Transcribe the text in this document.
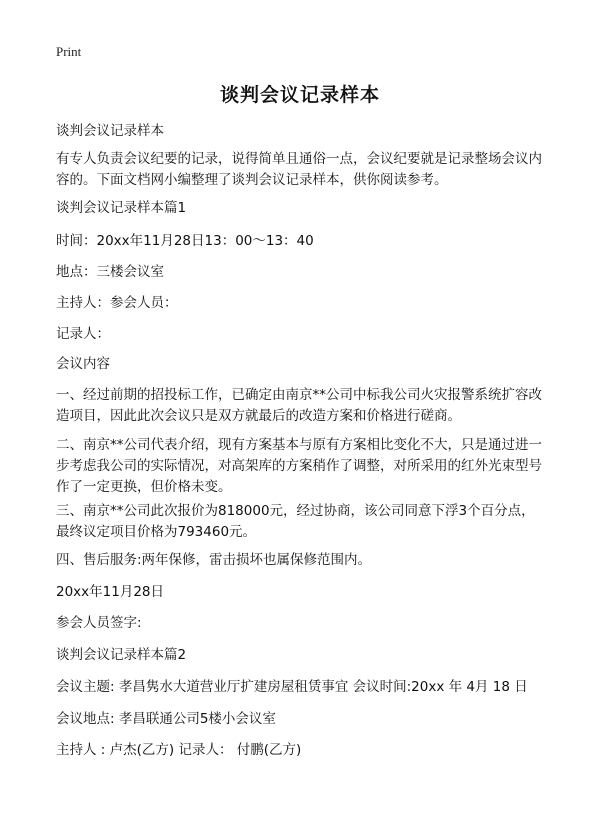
Print
谈判会议记录样本

谈判会议记录样本

有专人负责会议纪要的记录，说得简单且通俗一点，会议纪要就是记录整场会议内容的。下面文档网小编整理了谈判会议记录样本，供你阅读参考。

谈判会议记录样本篇1

时间：20xx年11月28日13：00～13：40

地点：三楼会议室

主持人：参会人员：

记录人：

会议内容

一、经过前期的招投标工作，已确定由南京**公司中标我公司火灾报警系统扩容改造项目，因此此次会议只是双方就最后的改造方案和价格进行磋商。

二、南京**公司代表介绍，现有方案基本与原有方案相比变化不大，只是通过进一步考虑我公司的实际情况，对高架库的方案稍作了调整，对所采用的红外光束型号作了一定更换，但价格未变。

三、南京**公司此次报价为818000元，经过协商，该公司同意下浮3个百分点，最终议定项目价格为793460元。

四、售后服务:两年保修，雷击损坏也属保修范围内。

20xx年11月28日

参会人员签字:

谈判会议记录样本篇2

会议主题: 孝昌隽水大道营业厅扩建房屋租赁事宜 会议时间:20xx 年 4月 18 日

会议地点: 孝昌联通公司5楼小会议室

主持人 : 卢杰(乙方) 记录人： 付鹏(乙方)
